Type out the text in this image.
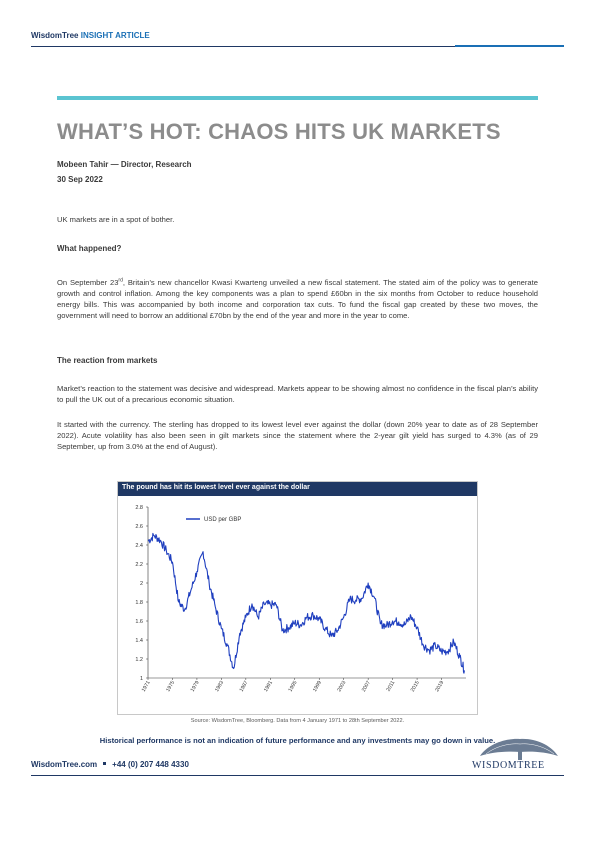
WisdomTree INSIGHT ARTICLE
WHAT’S HOT: CHAOS HITS UK MARKETS
Mobeen Tahir — Director, Research
30 Sep 2022
UK markets are in a spot of bother.
What happened?
On September 23rd, Britain’s new chancellor Kwasi Kwarteng unveiled a new fiscal statement. The stated aim of the policy was to generate growth and control inflation. Among the key components was a plan to spend £60bn in the six months from October to reduce household energy bills. This was accompanied by both income and corporation tax cuts. To fund the fiscal gap created by these two moves, the government will need to borrow an additional £70bn by the end of the year and more in the year to come.
The reaction from markets
Market’s reaction to the statement was decisive and widespread. Markets appear to be showing almost no confidence in the fiscal plan’s ability to pull the UK out of a precarious economic situation.
It started with the currency. The sterling has dropped to its lowest level ever against the dollar (down 20% year to date as of 28 September 2022). Acute volatility has also been seen in gilt markets since the statement where the 2-year gilt yield has surged to 4.3% (as of 29 September, up from 3.0% at the end of August).
The pound has hit its lowest level ever against the dollar
1
1.2
1.4
1.6
1.8
2
2.2
2.4
2.6
2.8
1971	1975	1979	1983	1987	1991	1995	1999	2003	2007	2011	2015	2019
USD per GBP
Source: WisdomTree, Bloomberg. Data from 4 January 1971 to 28th September 2022.
Historical performance is not an indication of future performance and any investments may go down in value.
WISDOMTREE
WisdomTree.com +44 (0) 207 448 4330
